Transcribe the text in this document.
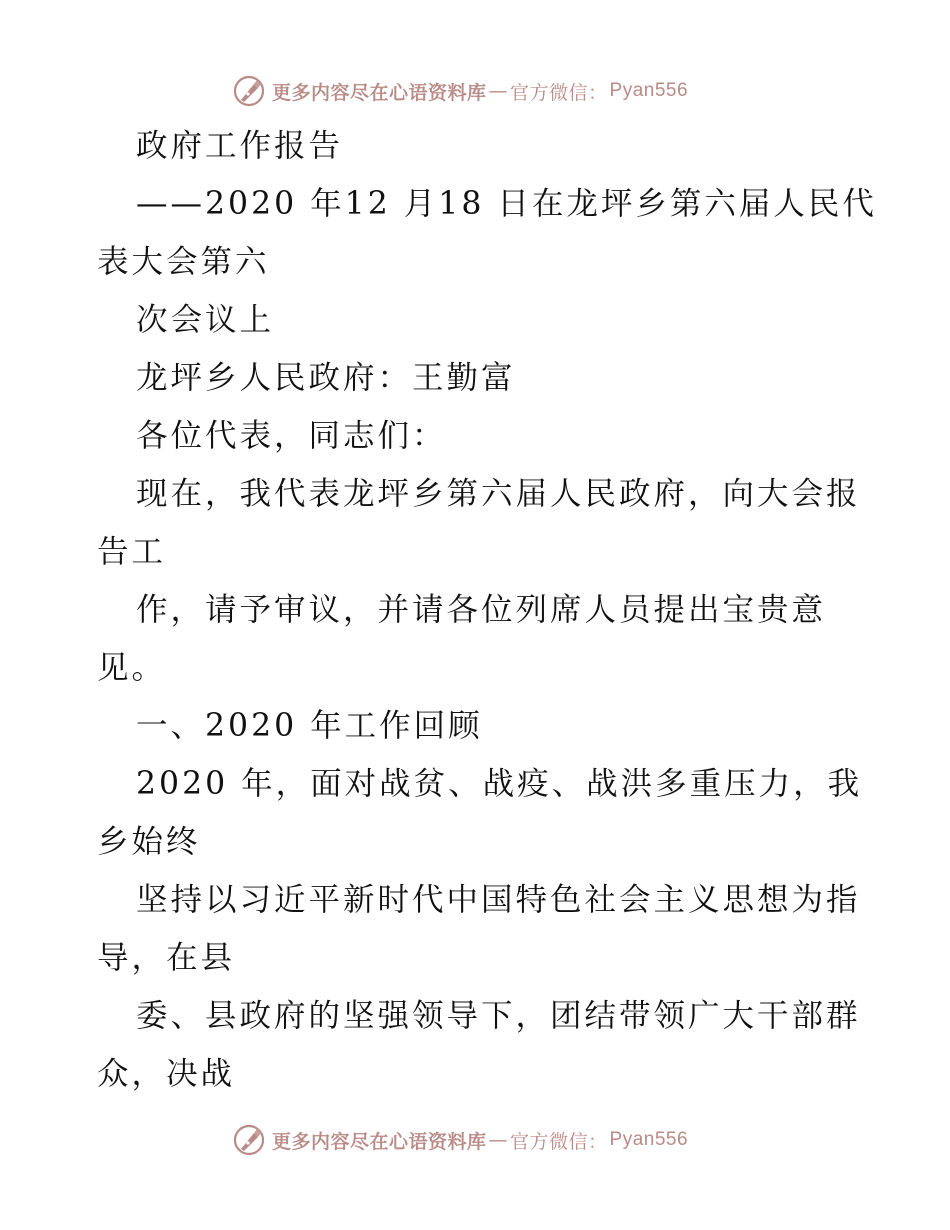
更多内容尽在心语资料库 — 官方微信： Pyan556
政府工作报告
——2020 年12 月18 日在龙坪乡第六届人民代
表大会第六
次会议上
龙坪乡人民政府：王勤富
各位代表，同志们：
现在，我代表龙坪乡第六届人民政府，向大会报
告工
作，请予审议，并请各位列席人员提出宝贵意
见。
一、2020 年工作回顾
2020 年，面对战贫、战疫、战洪多重压力，我
乡始终
坚持以习近平新时代中国特色社会主义思想为指
导，在县
委、县政府的坚强领导下，团结带领广大干部群
众，决战
更多内容尽在心语资料库 — 官方微信： Pyan556
